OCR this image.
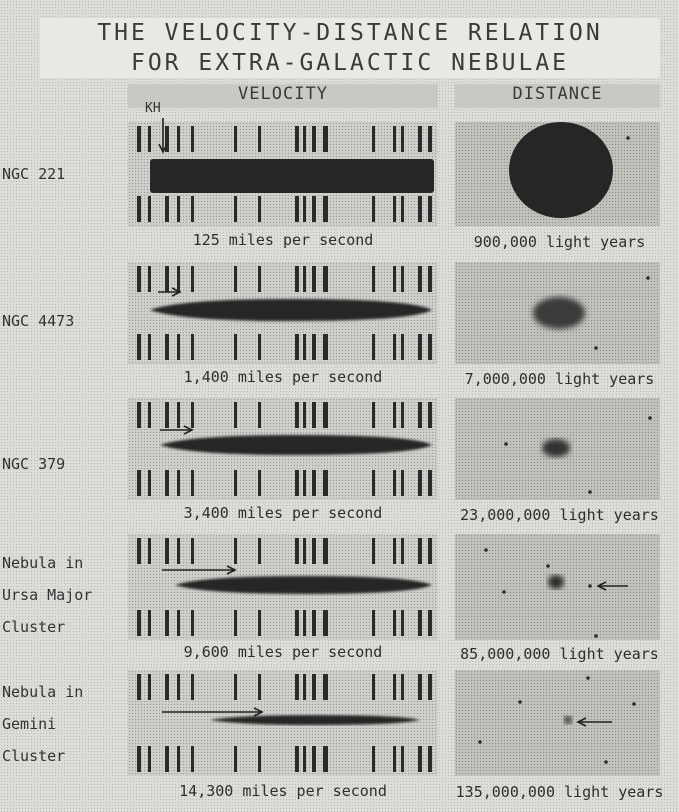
THE VELOCITY-DISTANCE RELATION
FOR EXTRA-GALACTIC NEBULAE
VELOCITY	DISTANCE
KH
NGC 221
125 miles per second	900,000 light years
NGC 4473
1,400 miles per second	7,000,000 light years
NGC 379
3,400 miles per second	23,000,000 light years
Nebula in
Ursa Major
Cluster
9,600 miles per second	85,000,000 light years
Nebula in
Gemini
Cluster
14,300 miles per second	135,000,000 light years
